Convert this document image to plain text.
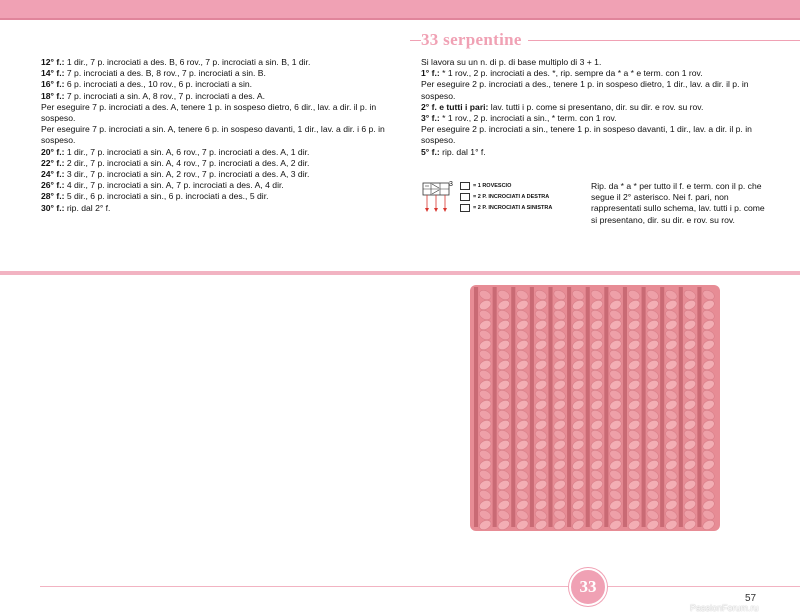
33 serpentine

12° f.: 1 dir., 7 p. incrociati a des. B, 6 rov., 7 p. incrociati a sin. B, 1 dir.

14° f.: 7 p. incrociati a des. B, 8 rov., 7 p. incrociati a sin. B.

16° f.: 6 p. incrociati a des., 10 rov., 6 p. incrociati a sin.

18° f.: 7 p. incrociati a sin. A, 8 rov., 7 p. incrociati a des. A.

Per eseguire 7 p. incrociati a des. A, tenere 1 p. in sospeso dietro, 6 dir., lav. a dir. il p. in sospeso.

Per eseguire 7 p. incrociati a sin. A, tenere 6 p. in sospeso davanti, 1 dir., lav. a dir. i 6 p. in sospeso.

20° f.: 1 dir., 7 p. incrociati a sin. A, 6 rov., 7 p. incrociati a des. A, 1 dir.

22° f.: 2 dir., 7 p. incrociati a sin. A, 4 rov., 7 p. incrociati a des. A, 2 dir.

24° f.: 3 dir., 7 p. incrociati a sin. A, 2 rov., 7 p. incrociati a des. A, 3 dir.

26° f.: 4 dir., 7 p. incrociati a sin. A, 7 p. incrociati a des. A, 4 dir.

28° f.: 5 dir., 6 p. incrociati a sin., 6 p. incrociati a des., 5 dir.

30° f.: rip. dal 2° f.

Si lavora su un n. di p. di base multiplo di 3 + 1.

1° f.: * 1 rov., 2 p. incrociati a des. *, rip. sempre da * a * e term. con 1 rov.

Per eseguire 2 p. incrociati a des., tenere 1 p. in sospeso dietro, 1 dir., lav. a dir. il p. in sospeso.

2° f. e tutti i pari: lav. tutti i p. come si presentano, dir. su dir. e rov. su rov.

3° f.: * 1 rov., 2 p. incrociati a sin., * term. con 1 rov.

Per eseguire 2 p. incrociati a sin., tenere 1 p. in sospeso davanti, 1 dir., lav. a dir. il p. in sospeso.

5° f.: rip. dal 1° f.

3	= 1 ROVESCIO
= 2 P. INCROCIATI A DESTRA
= 2 P. INCROCIATI A SINISTRA

Rip. da * a * per tutto il f. e term. con il p. che segue il 2° asterisco. Nei f. pari, non rappresentati sullo schema, lav. tutti i p. come si presentano, dir. su dir. e rov. su rov.

33
57
PassionForum.ru
